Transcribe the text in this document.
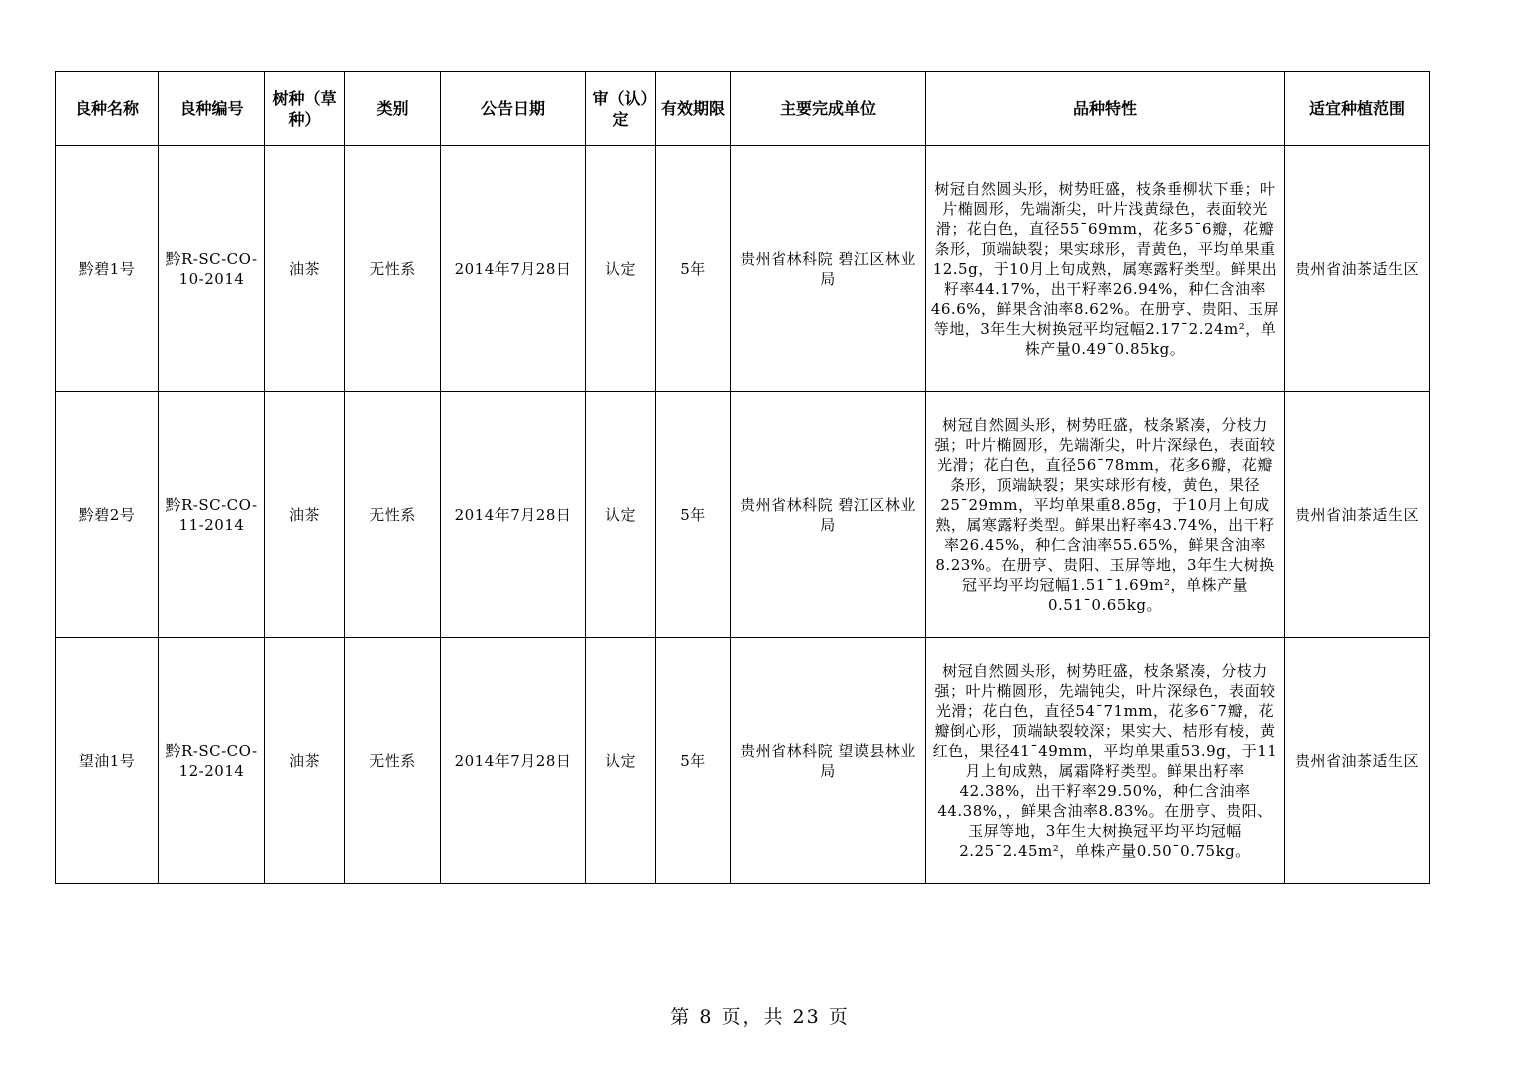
良种名称	良种编号	树种（草种）	类别	公告日期	审（认）定	有效期限	主要完成单位	品种特性	适宜种植范围
黔碧1号	黔R-SC-CO-10-2014	油茶	无性系	2014年7月28日	认定	5年	贵州省林科院 碧江区林业局	树冠自然圆头形，树势旺盛，枝条垂柳状下垂；叶片椭圆形，先端渐尖，叶片浅黄绿色，表面较光滑；花白色，直径55¯69mm，花多5¯6瓣，花瓣条形，顶端缺裂；果实球形，青黄色，平均单果重12.5g，于10月上旬成熟，属寒露籽类型。鲜果出籽率44.17%，出干籽率26.94%，种仁含油率46.6%，鲜果含油率8.62%。在册亨、贵阳、玉屏等地，3年生大树换冠平均冠幅2.17¯2.24m²，单株产量0.49¯0.85kg。	贵州省油茶适生区
黔碧2号	黔R-SC-CO-11-2014	油茶	无性系	2014年7月28日	认定	5年	贵州省林科院 碧江区林业局	树冠自然圆头形，树势旺盛，枝条紧凑，分枝力强；叶片椭圆形，先端渐尖，叶片深绿色，表面较光滑；花白色，直径56¯78mm，花多6瓣，花瓣条形，顶端缺裂；果实球形有棱，黄色，果径25¯29mm，平均单果重8.85g，于10月上旬成熟，属寒露籽类型。鲜果出籽率43.74%，出干籽率26.45%，种仁含油率55.65%，鲜果含油率8.23%。在册亨、贵阳、玉屏等地，3年生大树换冠平均平均冠幅1.51¯1.69m²，单株产量0.51¯0.65kg。	贵州省油茶适生区
望油1号	黔R-SC-CO-12-2014	油茶	无性系	2014年7月28日	认定	5年	贵州省林科院 望谟县林业局	树冠自然圆头形，树势旺盛，枝条紧凑，分枝力强；叶片椭圆形，先端钝尖，叶片深绿色，表面较光滑；花白色，直径54¯71mm，花多6¯7瓣，花瓣倒心形，顶端缺裂较深；果实大、桔形有棱，黄红色，果径41¯49mm，平均单果重53.9g，于11月上旬成熟，属霜降籽类型。鲜果出籽率42.38%，出干籽率29.50%，种仁含油率44.38%，，鲜果含油率8.83%。在册亨、贵阳、玉屏等地，3年生大树换冠平均平均冠幅2.25¯2.45m²，单株产量0.50¯0.75kg。	贵州省油茶适生区
第 8 页，共 23 页
